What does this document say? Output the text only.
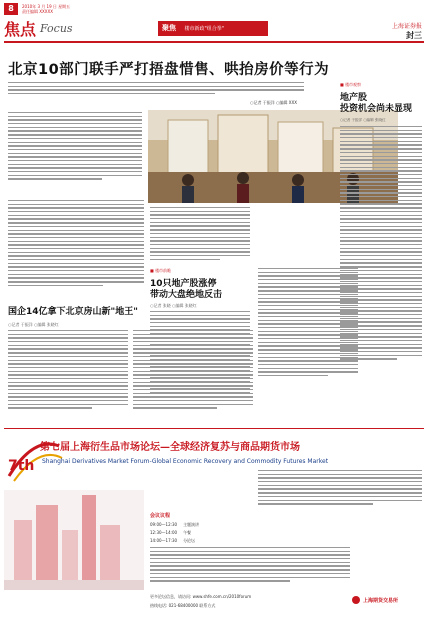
8	2010年 3 月 19 日 星期五
责任编辑 XXXXX
焦点 Focus	聚焦 楼市新政"组合拳"	上海证券报
封三
北京10部门联手严打捂盘惜售、哄抬房价等行为
○记者 于振洋 ○编辑 XXX
国企14亿拿下北京房山新"地王"
○记者 于振洋 ○编辑 张晓红
■ 楼市前瞻
10只地产股涨停
带动大盘绝地反击
○记者 张晓 ○编辑 张晓红
■ 楼市观察
地产股
投资机会尚未显现
○记者 于振洋 ○编辑 张晓红
第七届上海衍生品市场论坛—全球经济复苏与商品期货市场
7th Shanghai Derivatives Market Forum-Global Economic Recovery and Commodity Futures Market
会议议程
09:00—12:30 主题演讲
12:30—14:00 午餐
14:00—17:30 分论坛
更多论坛信息，请访问: www.shfe.com.cn/2010forum
热线电话: 021-68400000 联系方式
上海期货交易所
